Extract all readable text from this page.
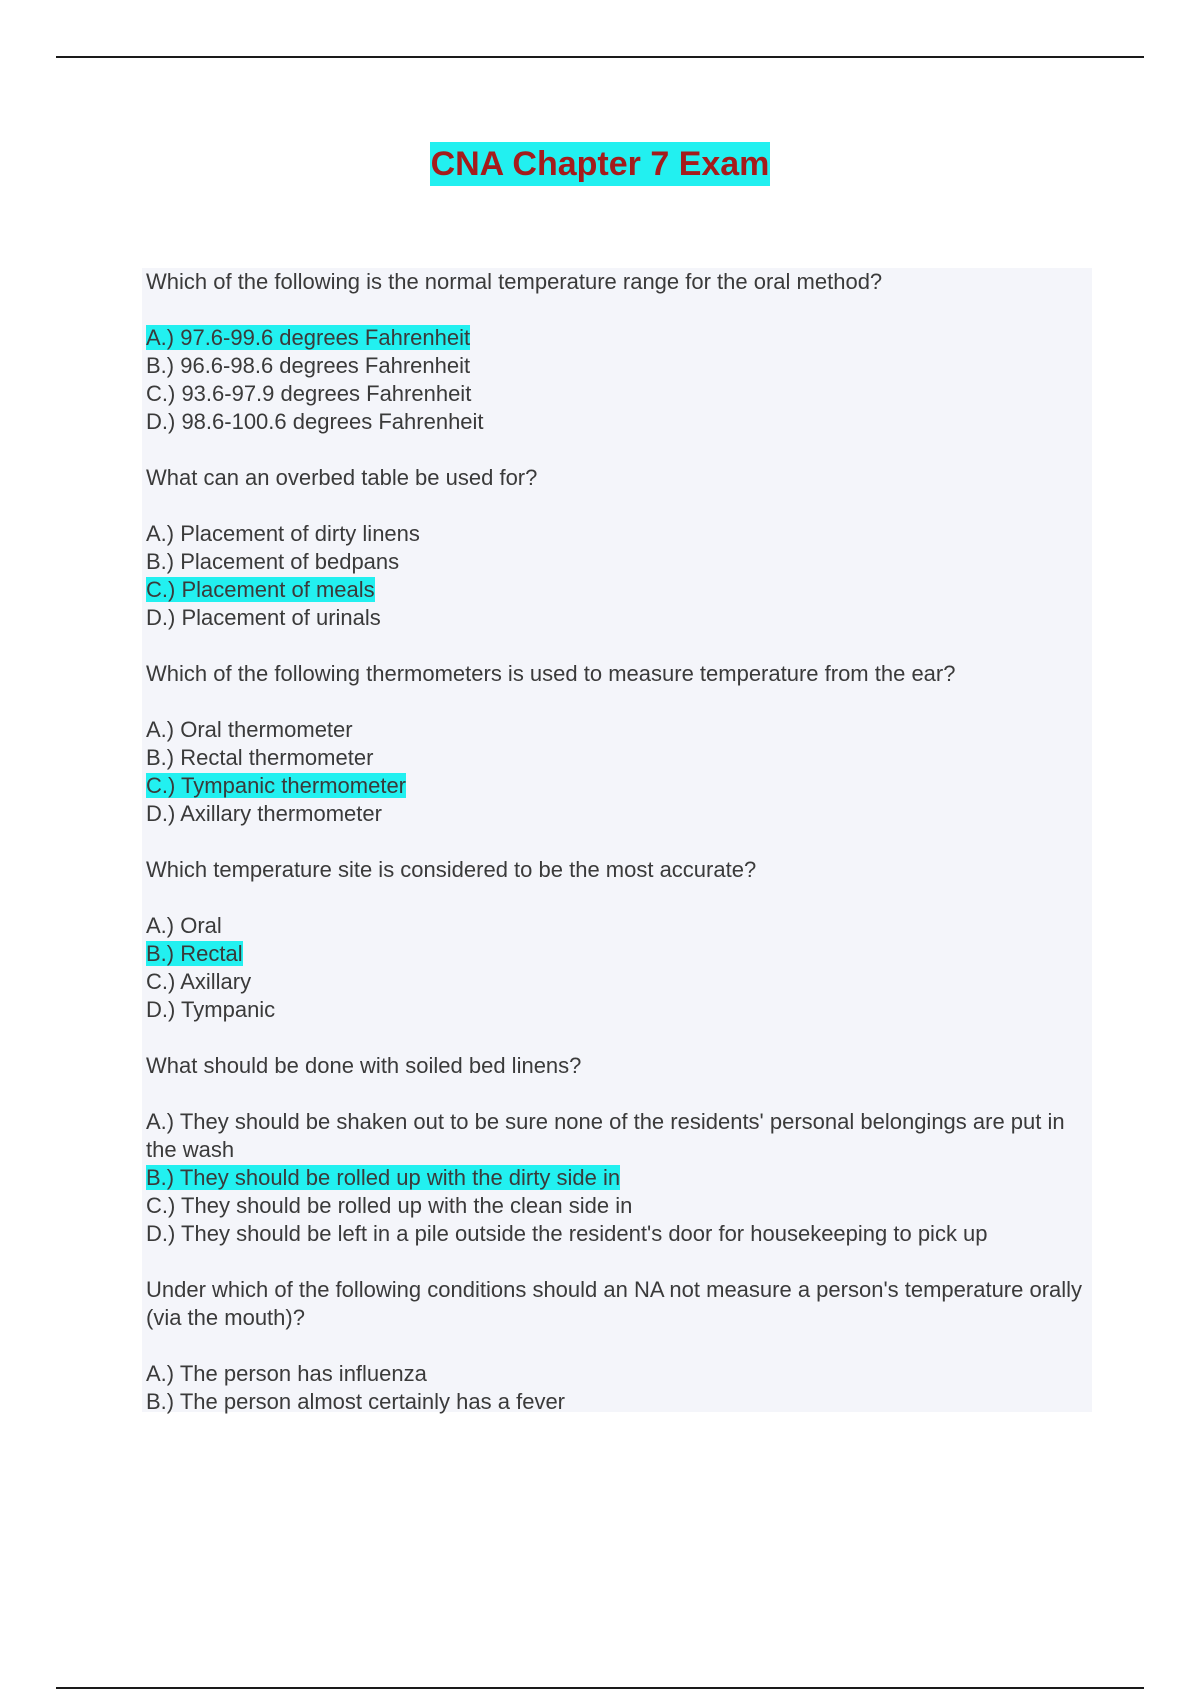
CNA Chapter 7 Exam
Which of the following is the normal temperature range for the oral method?
A.) 97.6-99.6 degrees Fahrenheit
B.) 96.6-98.6 degrees Fahrenheit
C.) 93.6-97.9 degrees Fahrenheit
D.) 98.6-100.6 degrees Fahrenheit
What can an overbed table be used for?
A.) Placement of dirty linens
B.) Placement of bedpans
C.) Placement of meals
D.) Placement of urinals
Which of the following thermometers is used to measure temperature from the ear?
A.) Oral thermometer
B.) Rectal thermometer
C.) Tympanic thermometer
D.) Axillary thermometer
Which temperature site is considered to be the most accurate?
A.) Oral
B.) Rectal
C.) Axillary
D.) Tympanic
What should be done with soiled bed linens?
A.) They should be shaken out to be sure none of the residents' personal belongings are put in the wash
B.) They should be rolled up with the dirty side in
C.) They should be rolled up with the clean side in
D.) They should be left in a pile outside the resident's door for housekeeping to pick up
Under which of the following conditions should an NA not measure a person's temperature orally (via the mouth)?
A.) The person has influenza
B.) The person almost certainly has a fever
